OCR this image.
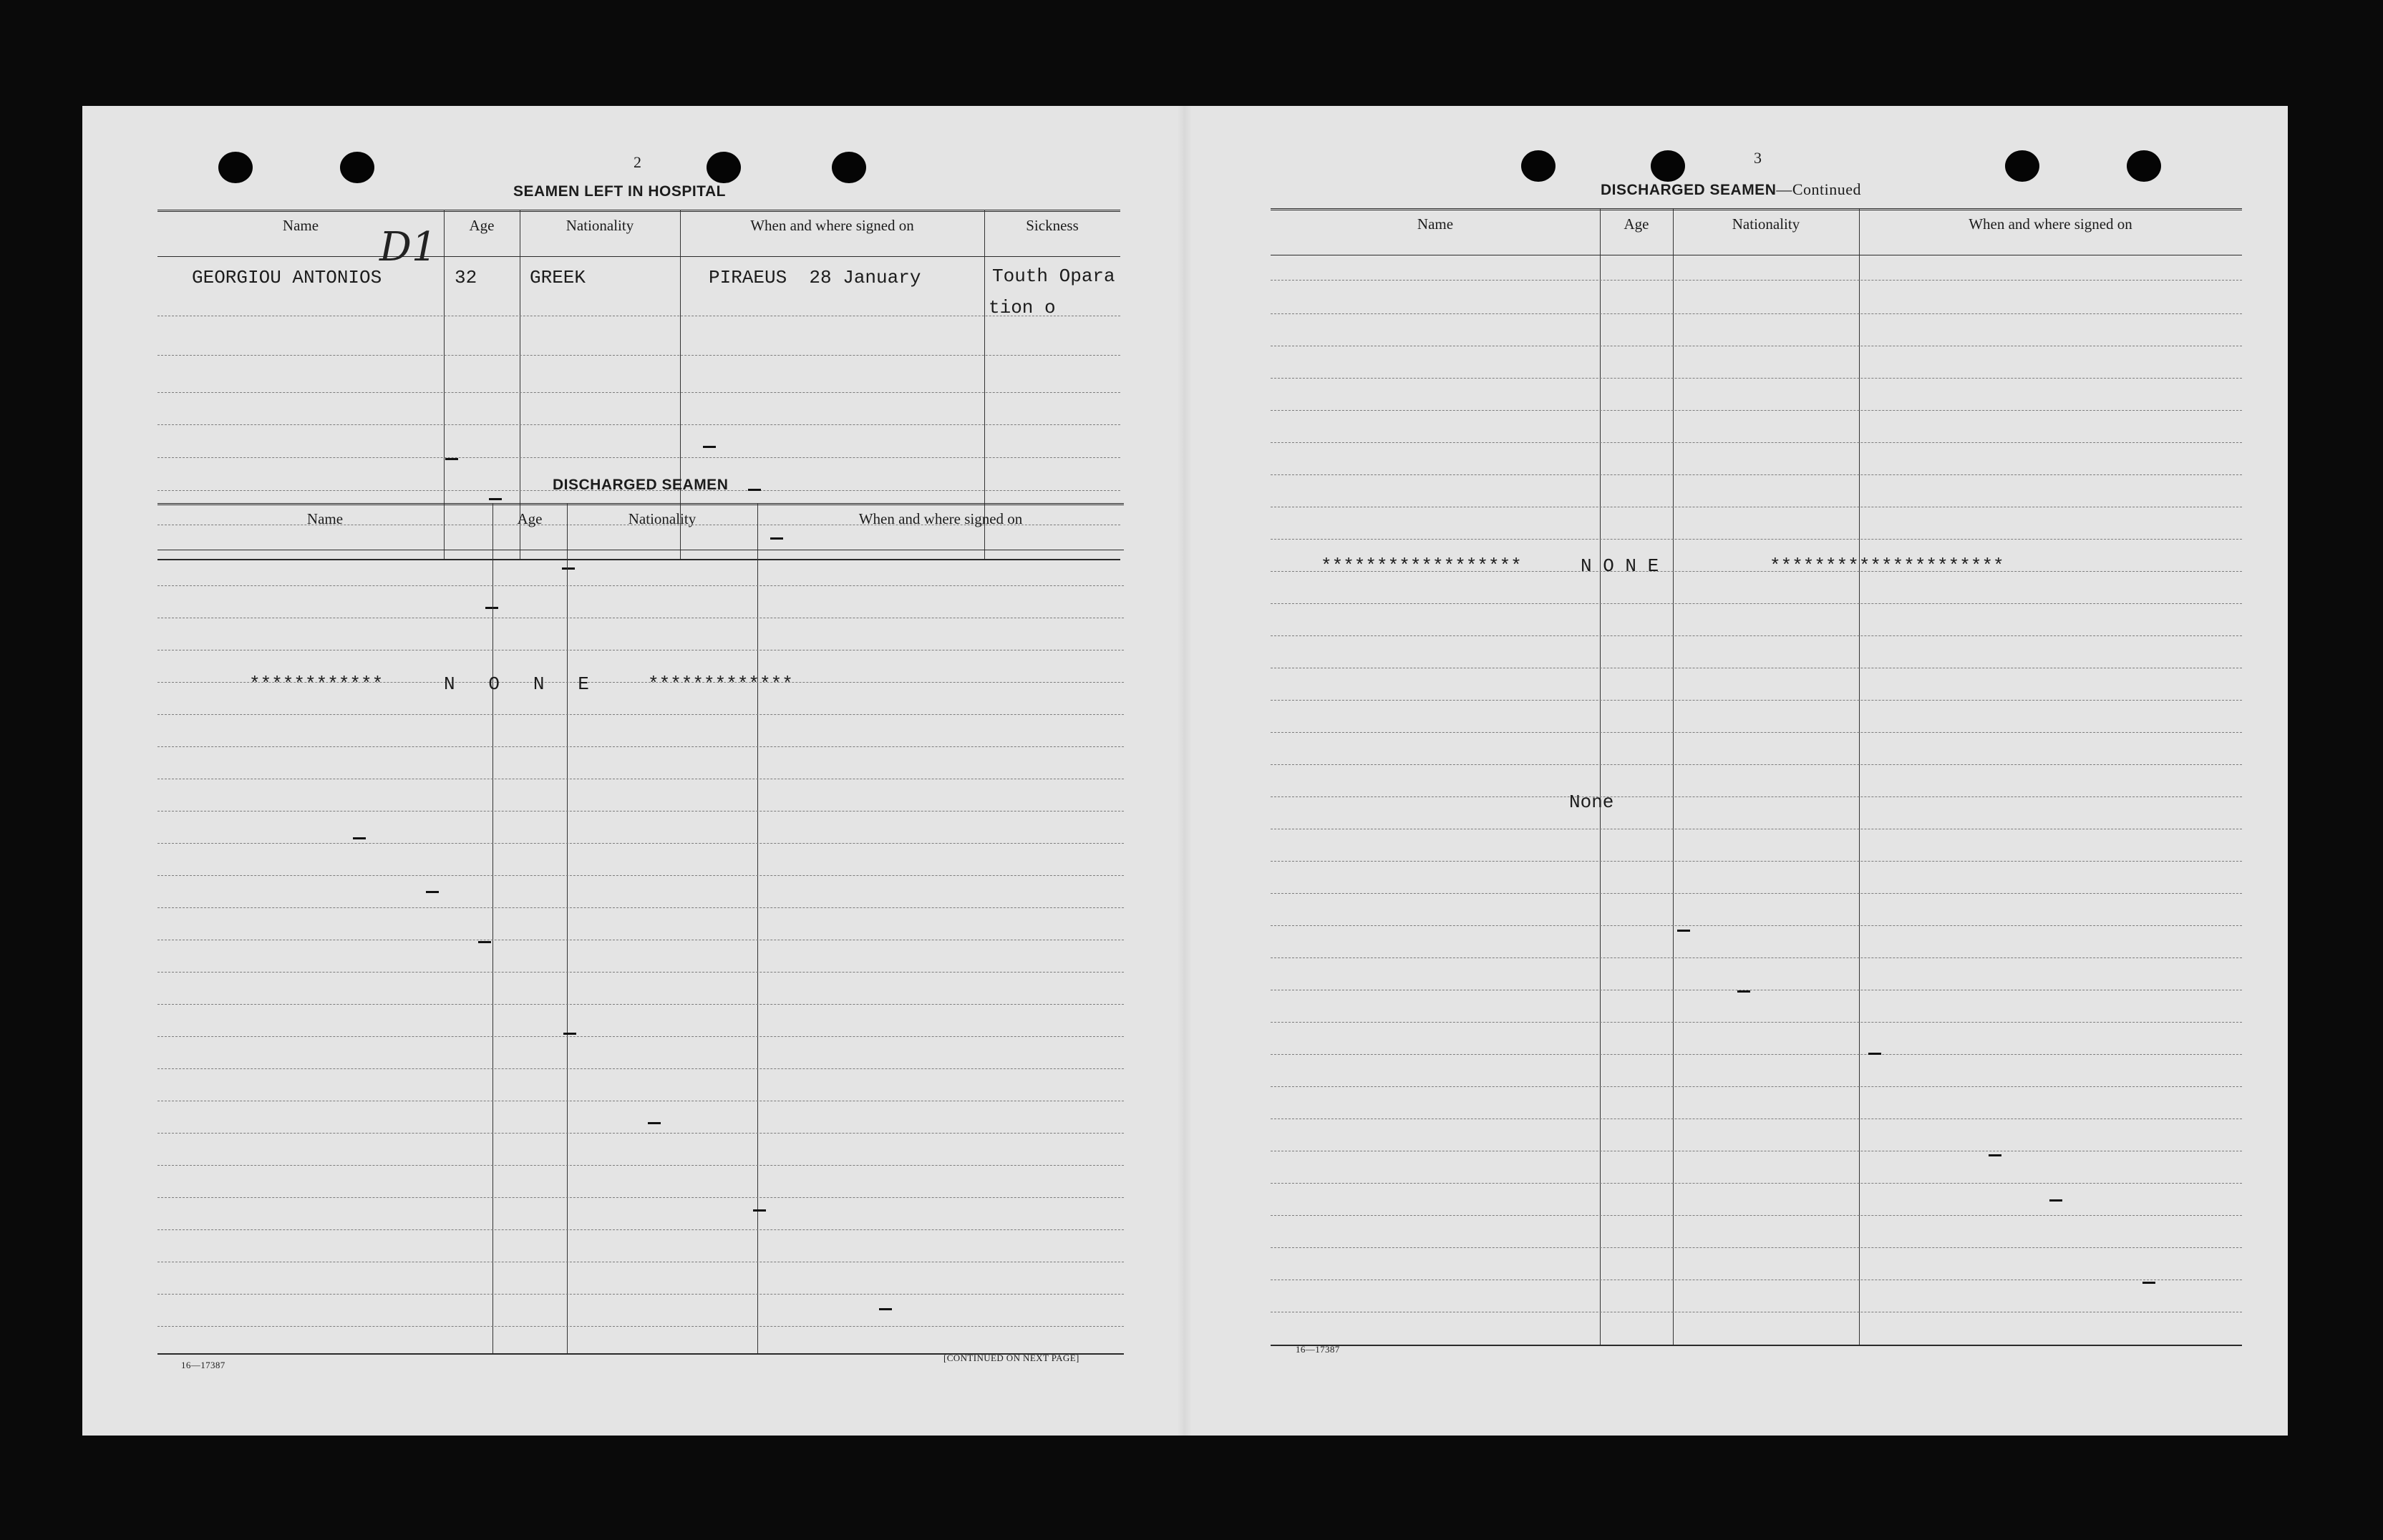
2
SEAMEN LEFT IN HOSPITAL
Name	Age	Nationality	When and where signed on	Sickness
GEORGIOU ANTONIOS	32	GREEK	PIRAEUS  28 January	Touth Opara
tion o
D1
DISCHARGED SEAMEN
Name	Age	Nationality	When and where signed on
************	N   O   N   E	*************
16—17387
[CONTINUED ON NEXT PAGE]
3
DISCHARGED SEAMEN—Continued
Name	Age	Nationality	When and where signed on
******************	N O N E	*********************
None
16—17387
